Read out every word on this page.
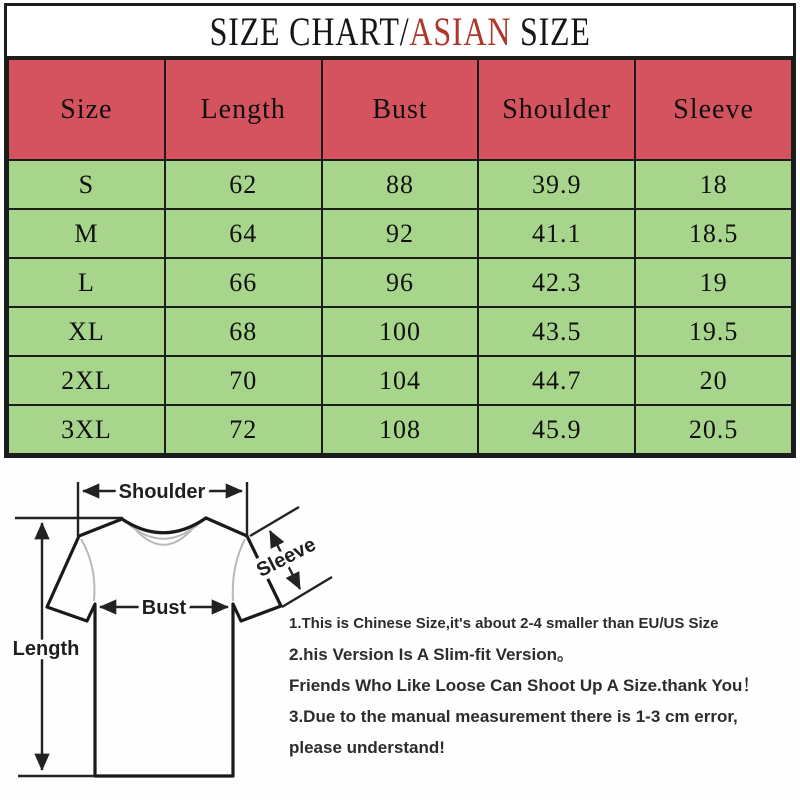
SIZE CHART/ASIAN SIZE
Size	Length	Bust	Shoulder	Sleeve
S	62	88	39.9	18
M	64	92	41.1	18.5
L	66	96	42.3	19
XL	68	100	43.5	19.5
2XL	70	104	44.7	20
3XL	72	108	45.9	20.5
Shoulder
Bust
Length
Sleeve
1.This is Chinese Size,it's about 2-4 smaller than EU/US Size
2.his Version Is A Slim-fit Version。
Friends Who Like Loose Can Shoot Up A Size.thank You！
3.Due to the manual measurement there is 1-3 cm error,
please understand!
